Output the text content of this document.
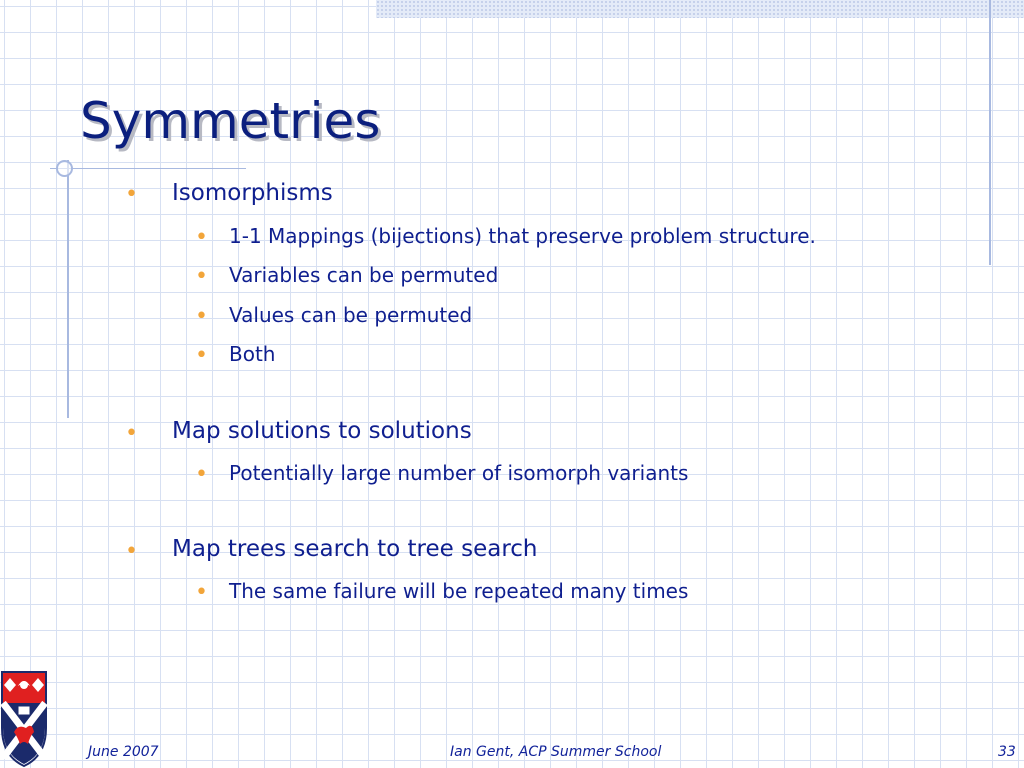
Symmetries
• Isomorphisms
• 1-1 Mappings (bijections) that preserve problem structure.
• Variables can be permuted
• Values can be permuted
• Both
• Map solutions to solutions
• Potentially large number of isomorph variants
• Map trees search to tree search
• The same failure will be repeated many times
June 2007	Ian Gent, ACP Summer School	33
